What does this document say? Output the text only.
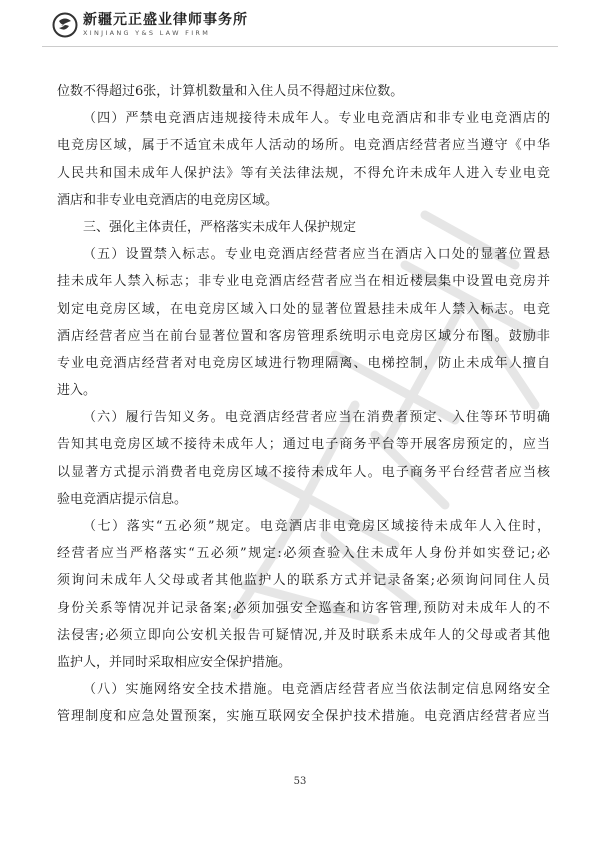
新疆元正盛业律师事务所
XINJIANG Y&S LAW FIRM
位数不得超过6张，计算机数量和入住人员不得超过床位数。
（四）严禁电竞酒店违规接待未成年人。专业电竞酒店和非专业电竞酒店的
电竞房区域，属于不适宜未成年人活动的场所。电竞酒店经营者应当遵守《中华
人民共和国未成年人保护法》等有关法律法规，不得允许未成年人进入专业电竞
酒店和非专业电竞酒店的电竞房区域。
三、强化主体责任，严格落实未成年人保护规定
（五）设置禁入标志。专业电竞酒店经营者应当在酒店入口处的显著位置悬
挂未成年人禁入标志；非专业电竞酒店经营者应当在相近楼层集中设置电竞房并
划定电竞房区域，在电竞房区域入口处的显著位置悬挂未成年人禁入标志。电竞
酒店经营者应当在前台显著位置和客房管理系统明示电竞房区域分布图。鼓励非
专业电竞酒店经营者对电竞房区域进行物理隔离、电梯控制，防止未成年人擅自
进入。
（六）履行告知义务。电竞酒店经营者应当在消费者预定、入住等环节明确
告知其电竞房区域不接待未成年人；通过电子商务平台等开展客房预定的，应当
以显著方式提示消费者电竞房区域不接待未成年人。电子商务平台经营者应当核
验电竞酒店提示信息。
（七）落实“五必须”规定。电竞酒店非电竞房区域接待未成年人入住时，
经营者应当严格落实“五必须”规定:必须查验入住未成年人身份并如实登记;必
须询问未成年人父母或者其他监护人的联系方式并记录备案;必须询问同住人员
身份关系等情况并记录备案;必须加强安全巡查和访客管理,预防对未成年人的不
法侵害;必须立即向公安机关报告可疑情况,并及时联系未成年人的父母或者其他
监护人，并同时采取相应安全保护措施。
（八）实施网络安全技术措施。电竞酒店经营者应当依法制定信息网络安全
管理制度和应急处置预案，实施互联网安全保护技术措施。电竞酒店经营者应当
53
